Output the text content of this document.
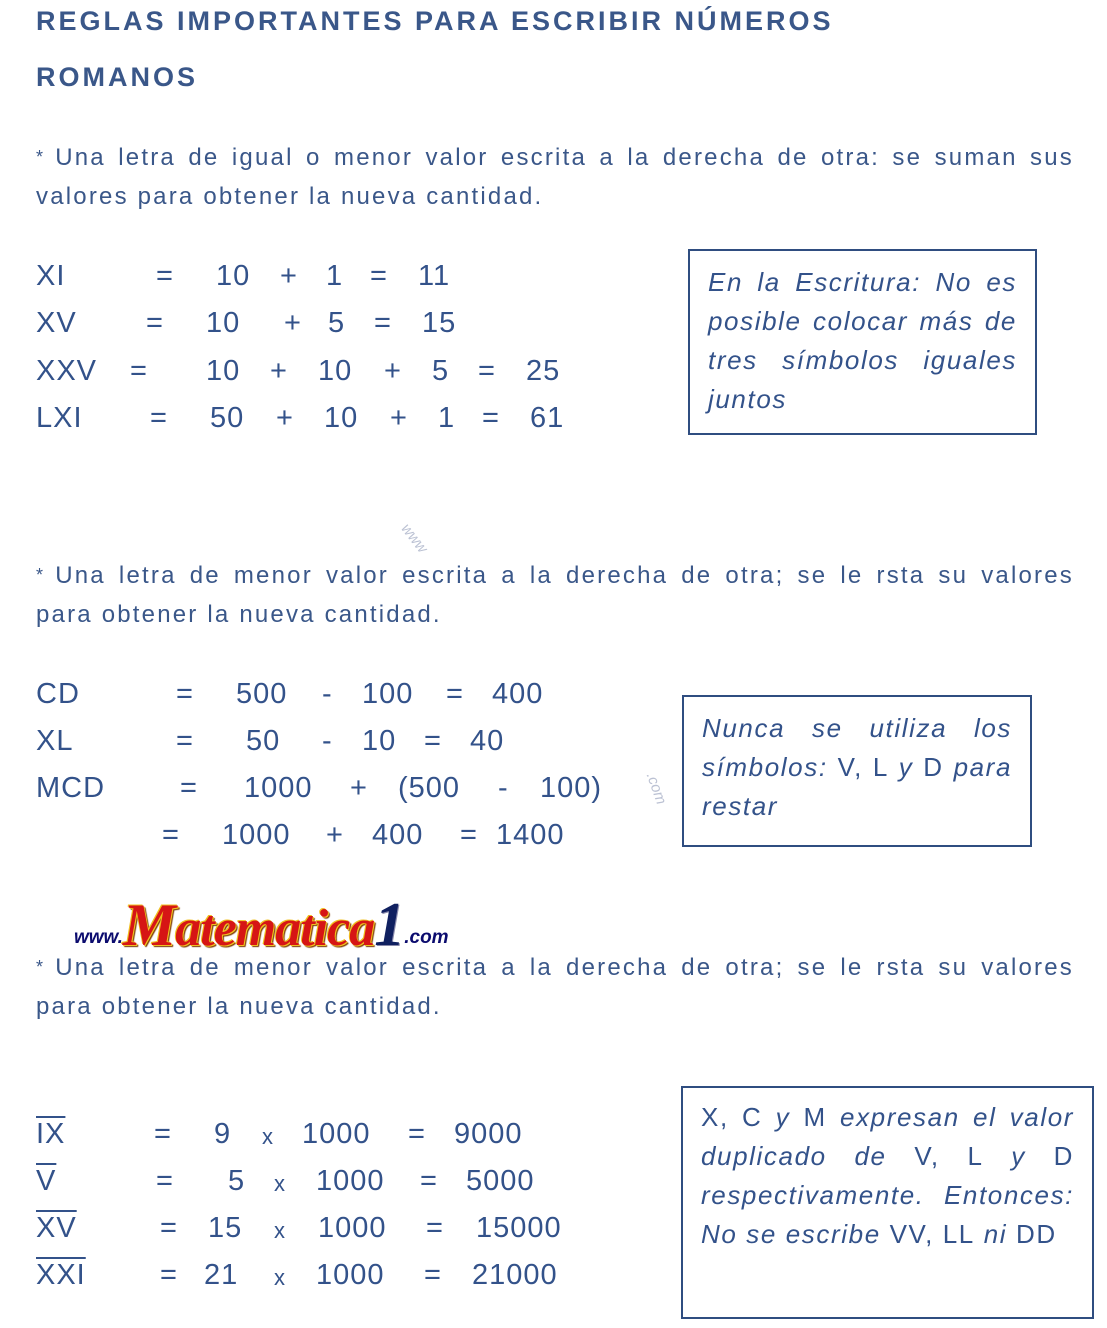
REGLAS IMPORTANTES PARA ESCRIBIR NÚMEROS
ROMANOS

* Una letra de igual o menor valor escrita a la derecha de otra: se suman sus valores para obtener la nueva cantidad.

XI	= 10 + 1 = 11
XV = 10 + 5 = 15
XXV = 10 + 10 + 5 = 25
LXI = 50 + 10 + 1 = 61

En la Escritura: No es posible colocar más de tres símbolos iguales juntos

www
.com

* Una letra de menor valor escrita a la derecha de otra; se le rsta su valores para obtener la nueva cantidad.

CD	= 500 - 100 = 400
XL	= 50 - 10 = 40
MCD	= 1000 + (500 - 100)
= 1000 + 400 = 1400

Nunca se utiliza los símbolos: V, L y D para restar

www.Matematica1.com

* Una letra de menor valor escrita a la derecha de otra; se le rsta su valores para obtener la nueva cantidad.

$\overline{IX}$	= 9 x 1000 = 9000
$\overline{V}$	= 5 x 1000 = 5000
$\overline{XV}$	= 15 x 1000 = 15000
$\overline{XXI}$	= 21 x 1000 = 21000

X, C y M expresan el valor duplicado de V, L y D respectivamente. Entonces: No se escribe VV, LL ni DD
